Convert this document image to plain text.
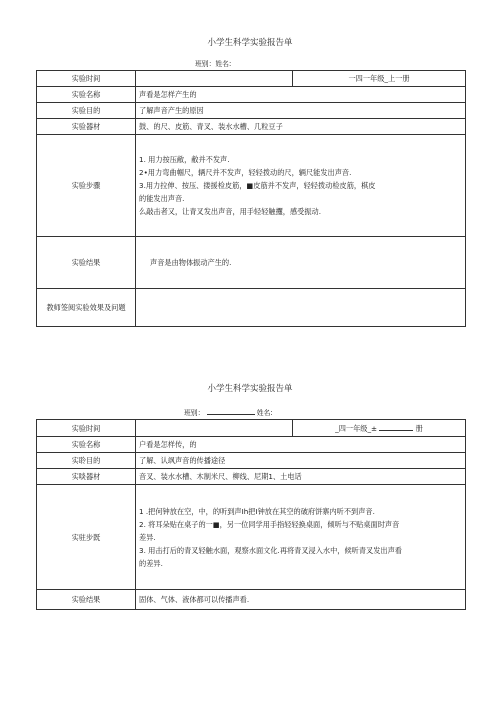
小学生科学实验报告单
班别：姓名:
实验时间		一四一年级_上一册
实验名称	声看是怎样产生的	
实验目的	了解声音产生的原因	
实验器材	鼓、的尺、皮筋、青叉、装水水槽、几粒豆子	
实验步骤	1. 用力按压敝，敝并不发声.

2•用力弯曲帼尺，辆尺并不发声，轻轻拨动的尺，辆尺能发出声音.

3.用力拉伸、按压、搂援检皮筋，■皮筋并不发声，轻轻拨动检皮筋，棋皮

的能发出声音.

么敲击者又，让青叉发出声音，用手轻轻触攫，感受振动.	

实验结果	声音是由物体振动产生的.	
教师签阅实验效果及问题		
小学生科学实验报告单
班别：	姓名:
实验时间		_四一年级_± 册
实验名称	户看是怎样传，的	
实聆目的	了解、认飒声音的传播途径	
实啖器材	音叉、装水水槽、木制米尺、柳线、尼期1、土电话	
实驻步既	1 .把何钟放在空，中，的听到声Ih把I钟放在其空的破府饼寨内听不到声音.

2. 将耳朵贴在桌子的一■，另一位同学用手指轻轻换桌面，倾听与不贴桌面时声音

差异.

3. 用击打后的青叉轻触水面，观察水面文化.再将青叉浸入水中，候听青叉发出声看

的差异.	

实验结果	固体、气体、液体都可以传播声看.	
